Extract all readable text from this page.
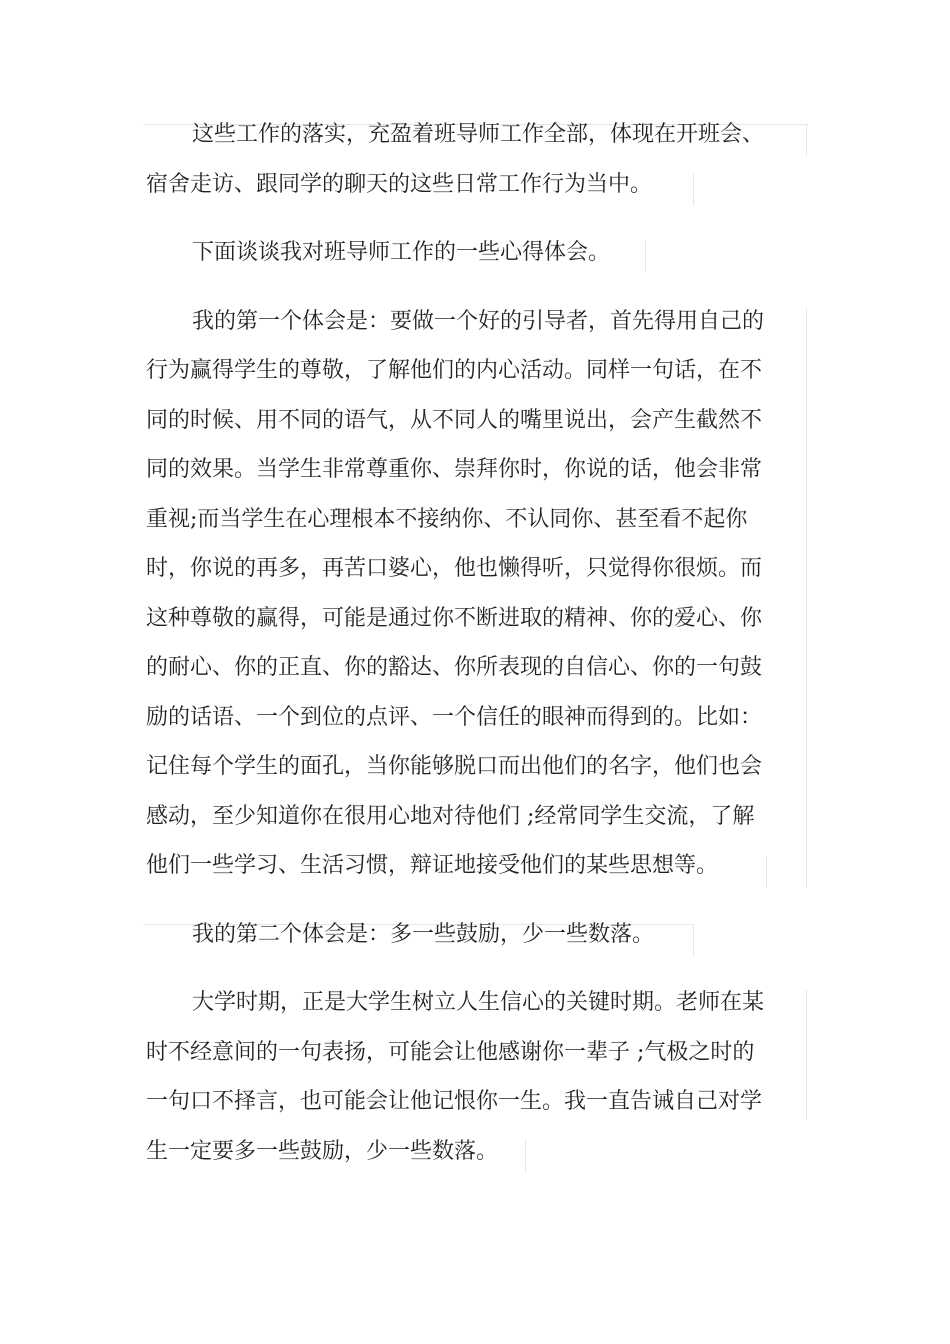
这些工作的落实，充盈着班导师工作全部，体现在开班会、
宿舍走访、跟同学的聊天的这些日常工作行为当中。
下面谈谈我对班导师工作的一些心得体会。
我的第一个体会是：要做一个好的引导者，首先得用自己的
行为赢得学生的尊敬，了解他们的内心活动。同样一句话，在不
同的时候、用不同的语气，从不同人的嘴里说出，会产生截然不
同的效果。当学生非常尊重你、崇拜你时，你说的话，他会非常
重视;而当学生在心理根本不接纳你、不认同你、甚至看不起你
时，你说的再多，再苦口婆心，他也懒得听，只觉得你很烦。而
这种尊敬的赢得，可能是通过你不断进取的精神、你的爱心、你
的耐心、你的正直、你的豁达、你所表现的自信心、你的一句鼓
励的话语、一个到位的点评、一个信任的眼神而得到的。比如：
记住每个学生的面孔，当你能够脱口而出他们的名字，他们也会
感动，至少知道你在很用心地对待他们 ;经常同学生交流，了解
他们一些学习、生活习惯，辩证地接受他们的某些思想等。
我的第二个体会是：多一些鼓励，少一些数落。
大学时期，正是大学生树立人生信心的关键时期。老师在某
时不经意间的一句表扬，可能会让他感谢你一辈子 ;气极之时的
一句口不择言，也可能会让他记恨你一生。我一直告诫自己对学
生一定要多一些鼓励，少一些数落。
